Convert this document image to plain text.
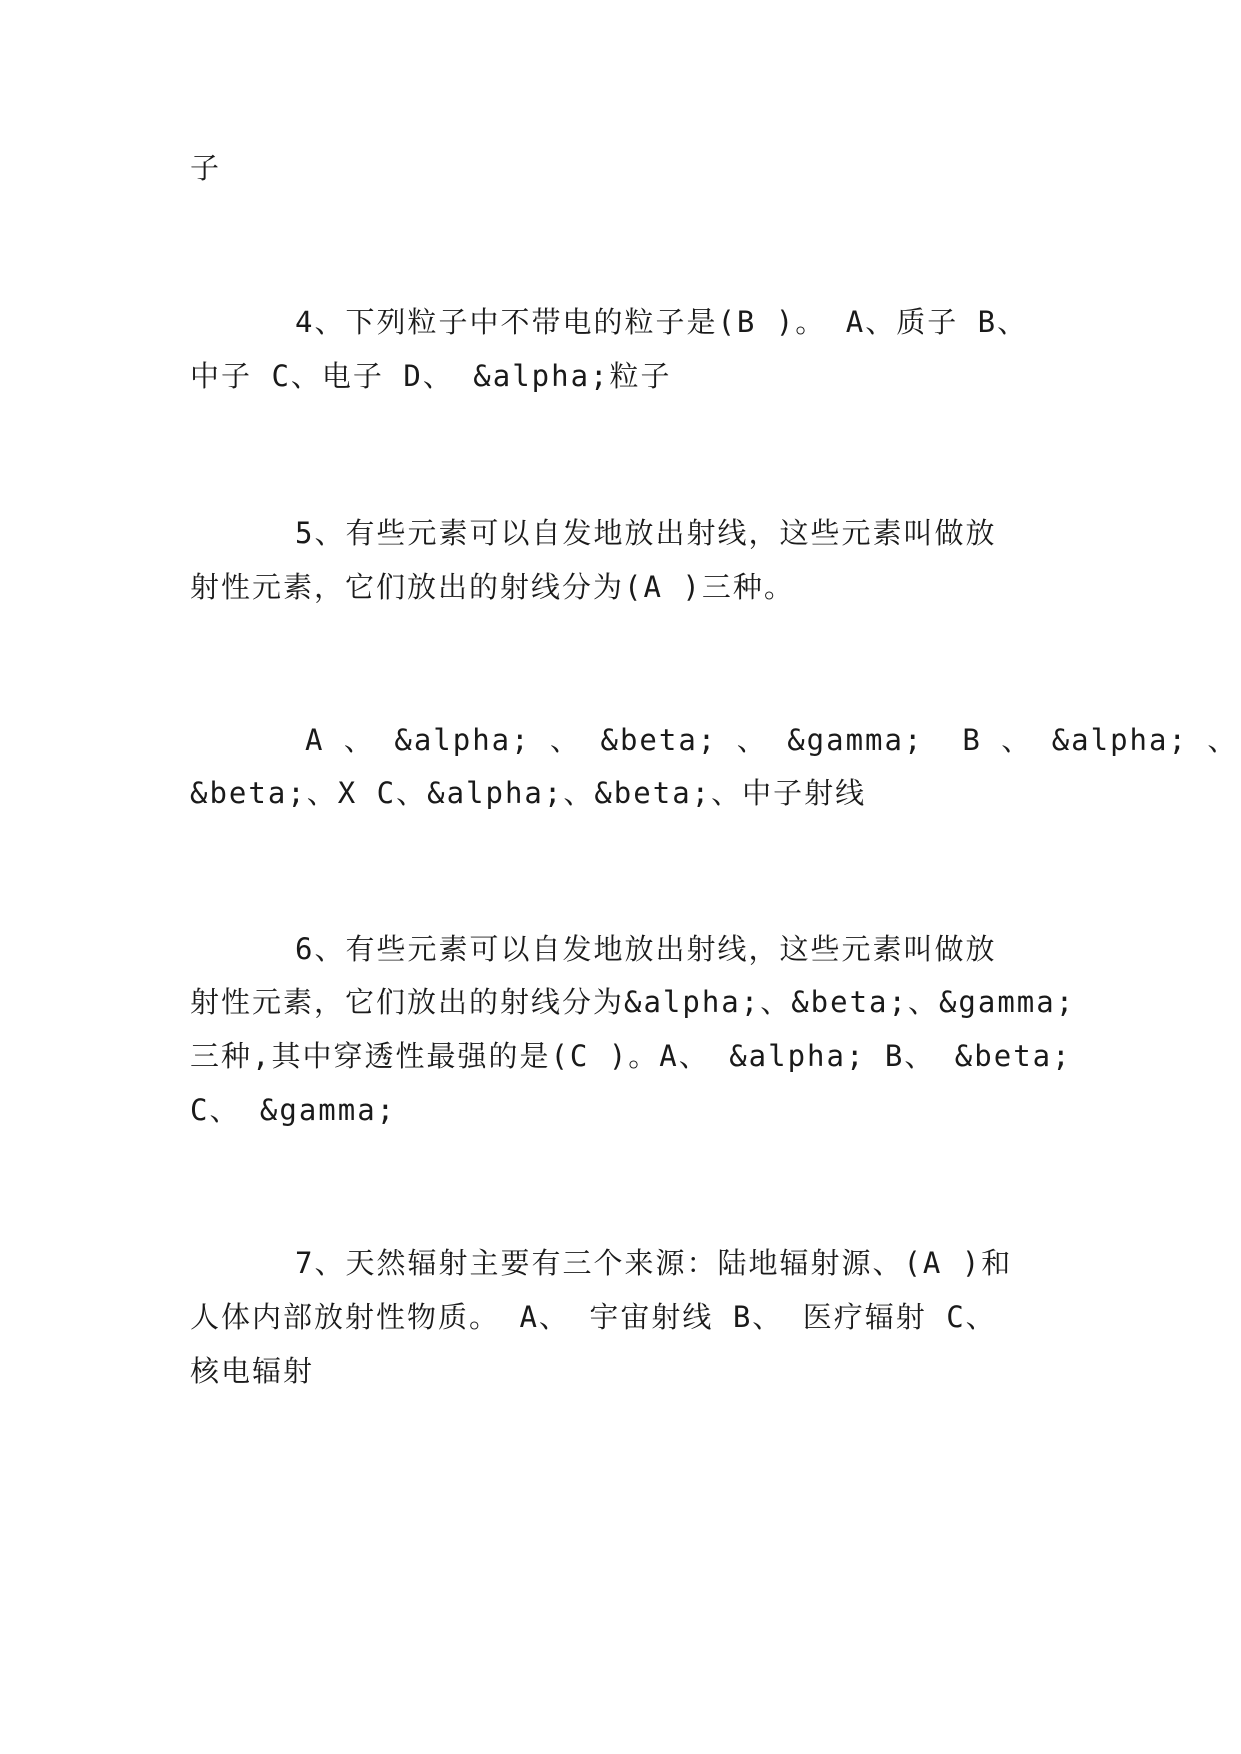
子
4、下列粒子中不带电的粒子是(B )。 A、质子 B、
中子 C、电子 D、 &alpha;粒子
5、有些元素可以自发地放出射线，这些元素叫做放
射性元素，它们放出的射线分为(A )三种。
A 、 &alpha; 、 &beta; 、 &gamma;  B 、 &alpha; 、
&beta;、X C、&alpha;、&beta;、中子射线
6、有些元素可以自发地放出射线，这些元素叫做放
射性元素，它们放出的射线分为&alpha;、&beta;、&gamma;
三种,其中穿透性最强的是(C )。A、 &alpha; B、 &beta;
C、 &gamma;
7、天然辐射主要有三个来源：陆地辐射源、(A )和
人体内部放射性物质。 A、 宇宙射线 B、 医疗辐射 C、
核电辐射
